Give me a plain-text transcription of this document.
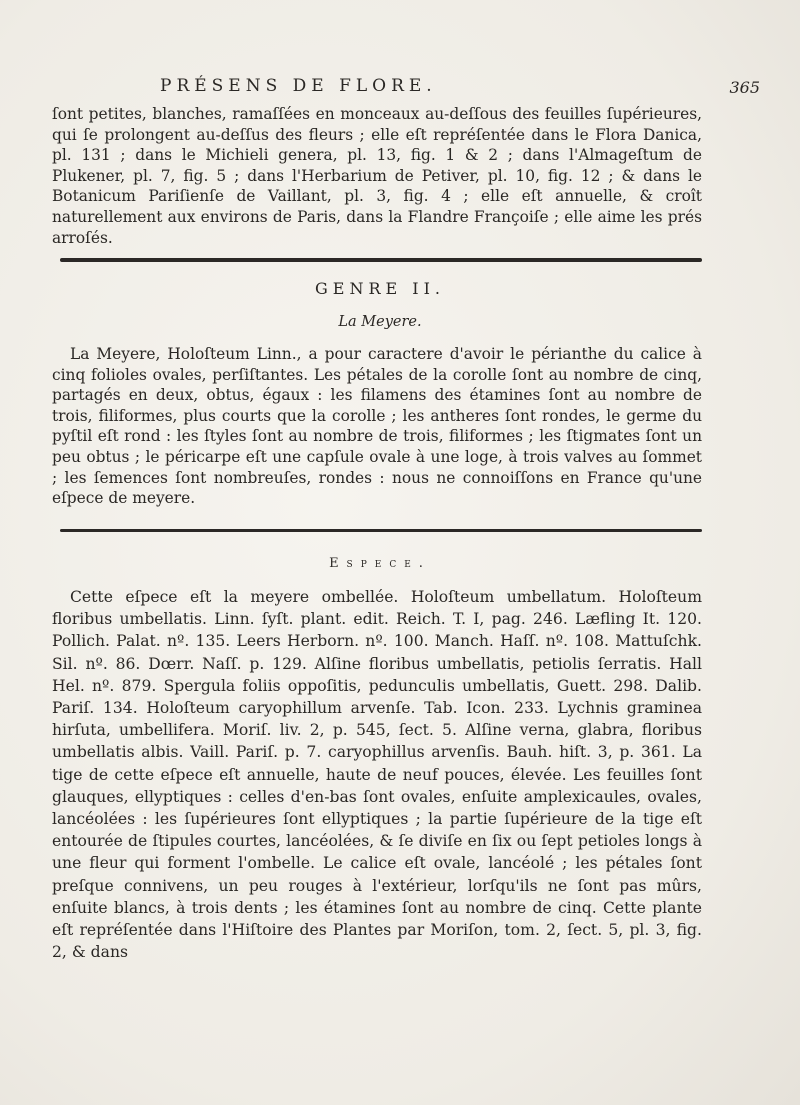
PRÉSENS DE FLORE.	365

ſont petites, blanches, ramaſſées en monceaux au-deſſous des feuilles ſupérieures, qui ſe prolongent au-deſſus des fleurs ; elle eſt repréſentée dans le Flora Danica, pl. 131 ; dans le Michieli genera, pl. 13, fig. 1 & 2 ; dans l'Almageſtum de Plukener, pl. 7, fig. 5 ; dans l'Herbarium de Petiver, pl. 10, fig. 12 ; & dans le Botanicum Pariſienſe de Vaillant, pl. 3, fig. 4 ; elle eſt annuelle, & croît naturellement aux environs de Paris, dans la Flandre Françoiſe ; elle aime les prés arroſés.

GENRE II.
La Meyere.

La Meyere, Holoſteum Linn., a pour caractere d'avoir le périanthe du calice à cinq folioles ovales, perſiſtantes. Les pétales de la corolle ſont au nombre de cinq, partagés en deux, obtus, égaux : les filamens des étamines ſont au nombre de trois, filiformes, plus courts que la corolle ; les antheres ſont rondes, le germe du pyſtil eſt rond : les ſtyles ſont au nombre de trois, filiformes ; les ſtigmates ſont un peu obtus ; le péricarpe eſt une capſule ovale à une loge, à trois valves au ſommet ; les ſemences ſont nombreuſes, rondes : nous ne connoiſſons en France qu'une eſpece de meyere.

Espece.

Cette eſpece eſt la meyere ombellée. Holoſteum umbellatum. Holoſteum floribus umbellatis. Linn. ſyſt. plant. edit. Reich. T. I, pag. 246. Læfling It. 120. Pollich. Palat. nº. 135. Leers Herborn. nº. 100. Manch. Haſſ. nº. 108. Mattuſchk. Sil. nº. 86. Dœrr. Naſſ. p. 129. Alſine floribus umbellatis, petiolis ſerratis. Hall Hel. nº. 879. Spergula foliis oppoſitis, pedunculis umbellatis, Guett. 298. Dalib. Pariſ. 134. Holoſteum caryophillum arvenſe. Tab. Icon. 233. Lychnis graminea hirſuta, umbellifera. Moriſ. liv. 2, p. 545, ſect. 5. Alſine verna, glabra, floribus umbellatis albis. Vaill. Pariſ. p. 7. caryophillus arvenſis. Bauh. hiſt. 3, p. 361. La tige de cette eſpece eſt annuelle, haute de neuf pouces, élevée. Les feuilles ſont glauques, ellyptiques : celles d'en-bas ſont ovales, enſuite amplexicaules, ovales, lancéolées : les ſupérieures ſont ellyptiques ; la partie ſupérieure de la tige eſt entourée de ſtipules courtes, lancéolées, & ſe diviſe en ſix ou ſept petioles longs à une fleur qui forment l'ombelle. Le calice eſt ovale, lancéolé ; les pétales ſont preſque connivens, un peu rouges à l'extérieur, lorſqu'ils ne ſont pas mûrs, enſuite blancs, à trois dents ; les étamines ſont au nombre de cinq. Cette plante eſt repréſentée dans l'Hiſtoire des Plantes par Moriſon, tom. 2, ſect. 5, pl. 3, fig. 2, & dans
